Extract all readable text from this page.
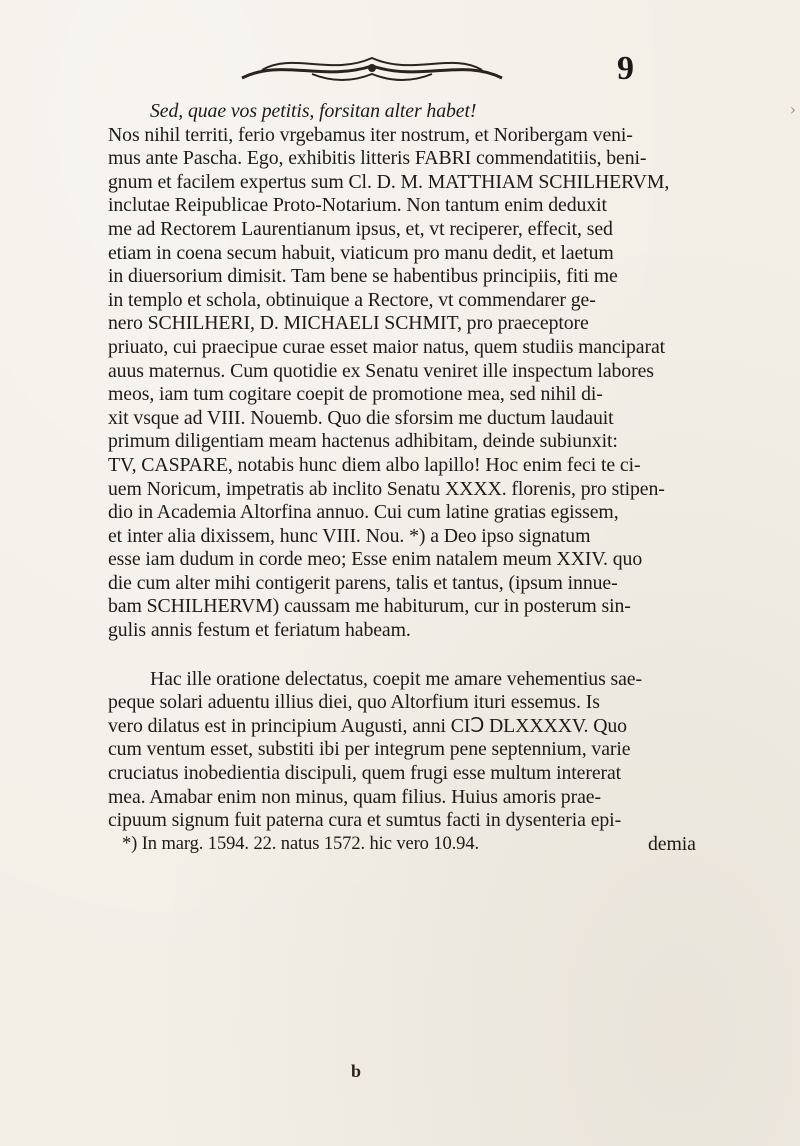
9
›
Sed, quae vos petitis, forsitan alter habet!
Nos nihil territi, ferio vrgebamus iter nostrum, et Noribergam veni-
mus ante Pascha. Ego, exhibitis litteris FABRI commendatitiis, beni-
gnum et facilem expertus sum Cl. D. M. MATTHIAM SCHILHERVM,
inclutae Reipublicae Proto-Notarium. Non tantum enim deduxit
me ad Rectorem Laurentianum ipsus, et, vt reciperer, effecit, sed
etiam in coena secum habuit, viaticum pro manu dedit, et laetum
in diuersorium dimisit. Tam bene se habentibus principiis, fiti me
in templo et schola, obtinuique a Rectore, vt commendarer ge-
nero SCHILHERI, D. MICHAELI SCHMIT, pro praeceptore
priuato, cui praecipue curae esset maior natus, quem studiis manciparat
auus maternus. Cum quotidie ex Senatu veniret ille inspectum labores
meos, iam tum cogitare coepit de promotione mea, sed nihil di-
xit vsque ad VIII. Nouemb. Quo die sforsim me ductum laudauit
primum diligentiam meam hactenus adhibitam, deinde subiunxit:
TV, CASPARE, notabis hunc diem albo lapillo! Hoc enim feci te ci-
uem Noricum, impetratis ab inclito Senatu XXXX. florenis, pro stipen-
dio in Academia Altorfina annuo. Cui cum latine gratias egissem,
et inter alia dixissem, hunc VIII. Nou. *) a Deo ipso signatum
esse iam dudum in corde meo; Esse enim natalem meum XXIV. quo
die cum alter mihi contigerit parens, talis et tantus, (ipsum innue-
bam SCHILHERVM) caussam me habiturum, cur in posterum sin-
gulis annis festum et feriatum habeam.
Hac ille oratione delectatus, coepit me amare vehementius sae-
peque solari aduentu illius diei, quo Altorfium ituri essemus. Is
vero dilatus est in principium Augusti, anni CIↃ DLXXXXV. Quo
cum ventum esset, substiti ibi per integrum pene septennium, varie
cruciatus inobedientia discipuli, quem frugi esse multum intererat
mea. Amabar enim non minus, quam filius. Huius amoris prae-
cipuum signum fuit paterna cura et sumtus facti in dysenteria epi-
demia
*) In marg. 1594. 22. natus 1572. hic vero 10.94.
b
